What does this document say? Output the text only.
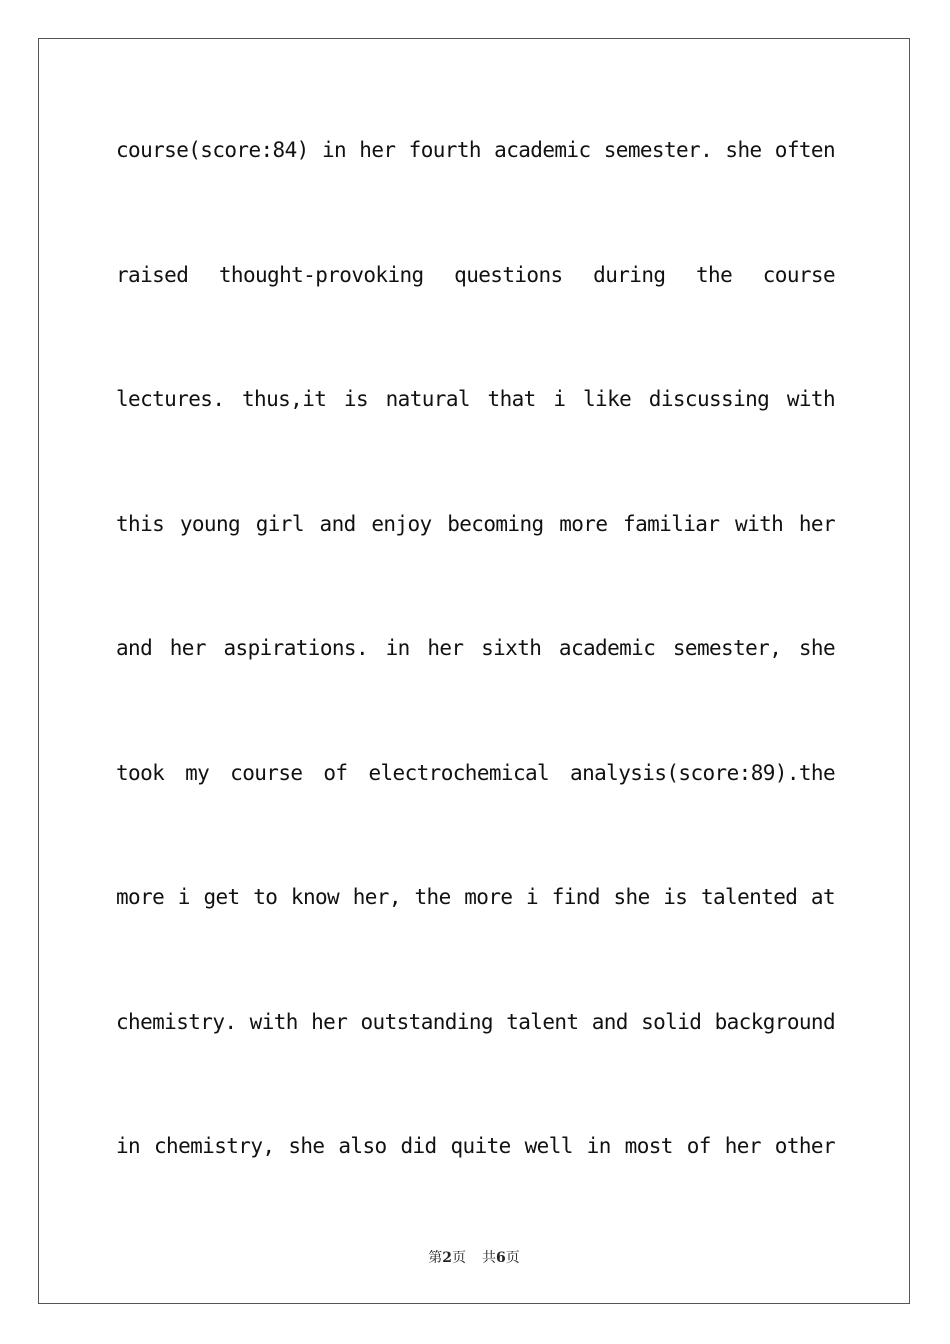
course(score:84) in her fourth academic semester. she often
raised thought-provoking questions during the course
lectures. thus,it is natural that i like discussing with
this young girl and enjoy becoming more familiar with her
and her aspirations. in her sixth academic semester, she
took my course of electrochemical analysis(score:89).the
more i get to know her, the more i find she is talented at
chemistry. with her outstanding talent and solid background
in chemistry, she also did quite well in most of her other
第2页 共6页
